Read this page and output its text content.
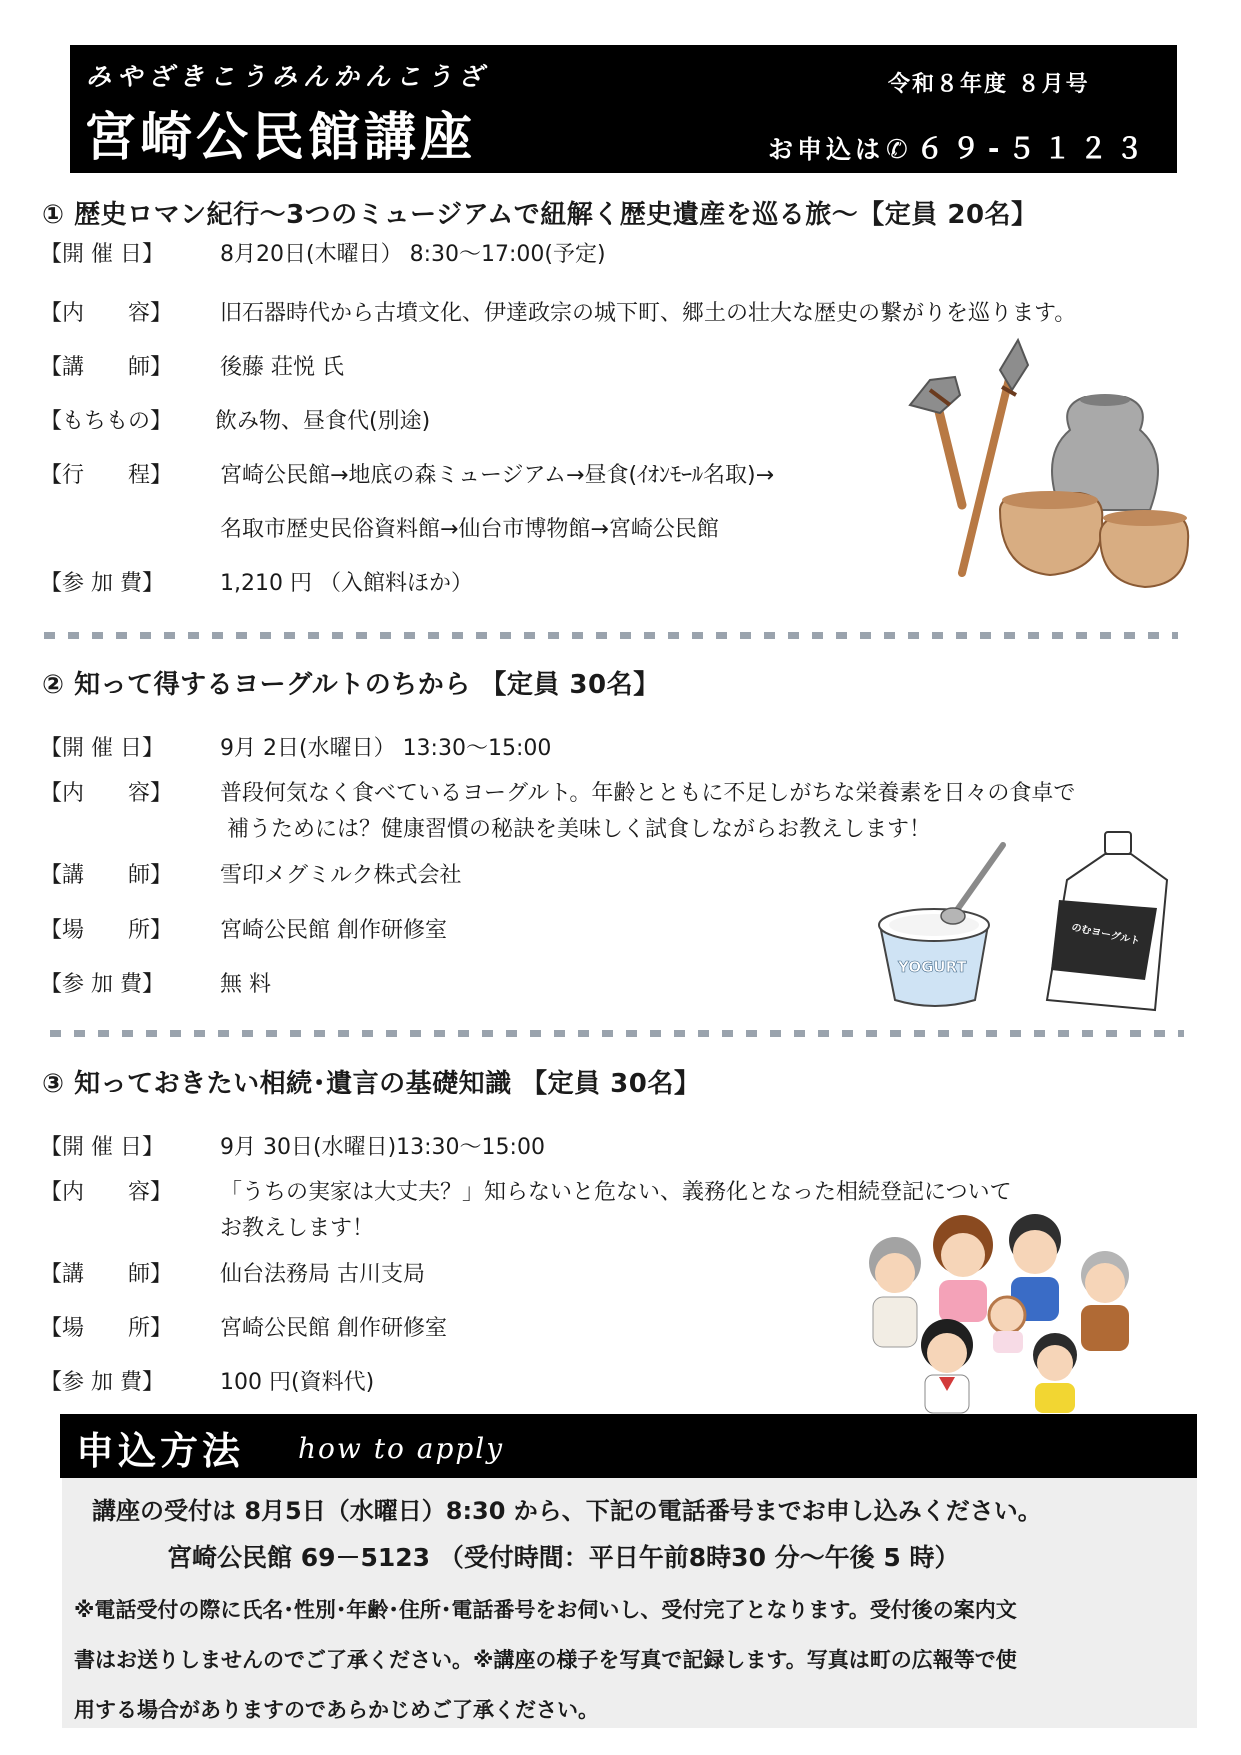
みやざきこうみんかんこうざ
宮崎公民館講座
令和８年度 ８月号
お申込は✆ ６９‐５１２３
① 歴史ロマン紀行～3つのミュージアムで紐解く歴史遺産を巡る旅～【定員 20名】
【開 催 日】	8月20日(木曜日） 8:30～17:00(予定)
【内　　容】 旧石器時代から古墳文化、伊達政宗の城下町、郷土の壮大な歴史の繋がりを巡ります。
【講　　師】 後藤 荘悦 氏
【もちもの】 飲み物、昼食代(別途)
【行　　程】 宮崎公民館→地底の森ミュージアム→昼食(ｲｵﾝﾓｰﾙ名取)→
名取市歴史民俗資料館→仙台市博物館→宮崎公民館
【参 加 費】	1,210 円 （入館料ほか）
② 知って得するヨーグルトのちから 【定員 30名】
【開 催 日】	9月 2日(水曜日） 13:30～15:00
【内　　容】 普段何気なく食べているヨーグルト。年齢とともに不足しがちな栄養素を日々の食卓で
補うためには？健康習慣の秘訣を美味しく試食しながらお教えします！
【講　　師】 雪印メグミルク株式会社
【場　　所】 宮崎公民館 創作研修室
【参 加 費】	無 料
YOGURT
のむヨーグルト
③ 知っておきたい相続･遺言の基礎知識 【定員 30名】
【開 催 日】	9月 30日(水曜日)13:30～15:00
【内　　容】 「うちの実家は大丈夫？」知らないと危ない、義務化となった相続登記について
お教えします！
【講　　師】 仙台法務局 古川支局
【場　　所】 宮崎公民館 創作研修室
【参 加 費】	100 円(資料代)
申込方法 how to apply
講座の受付は 8月5日（水曜日）8:30 から、下記の電話番号までお申し込みください。
宮崎公民館 69－5123 （受付時間：平日午前8時30 分～午後 5 時）
※電話受付の際に氏名･性別･年齢･住所･電話番号をお伺いし、受付完了となります。受付後の案内文
書はお送りしませんのでご了承ください。※講座の様子を写真で記録します。写真は町の広報等で使
用する場合がありますのであらかじめご了承ください。
